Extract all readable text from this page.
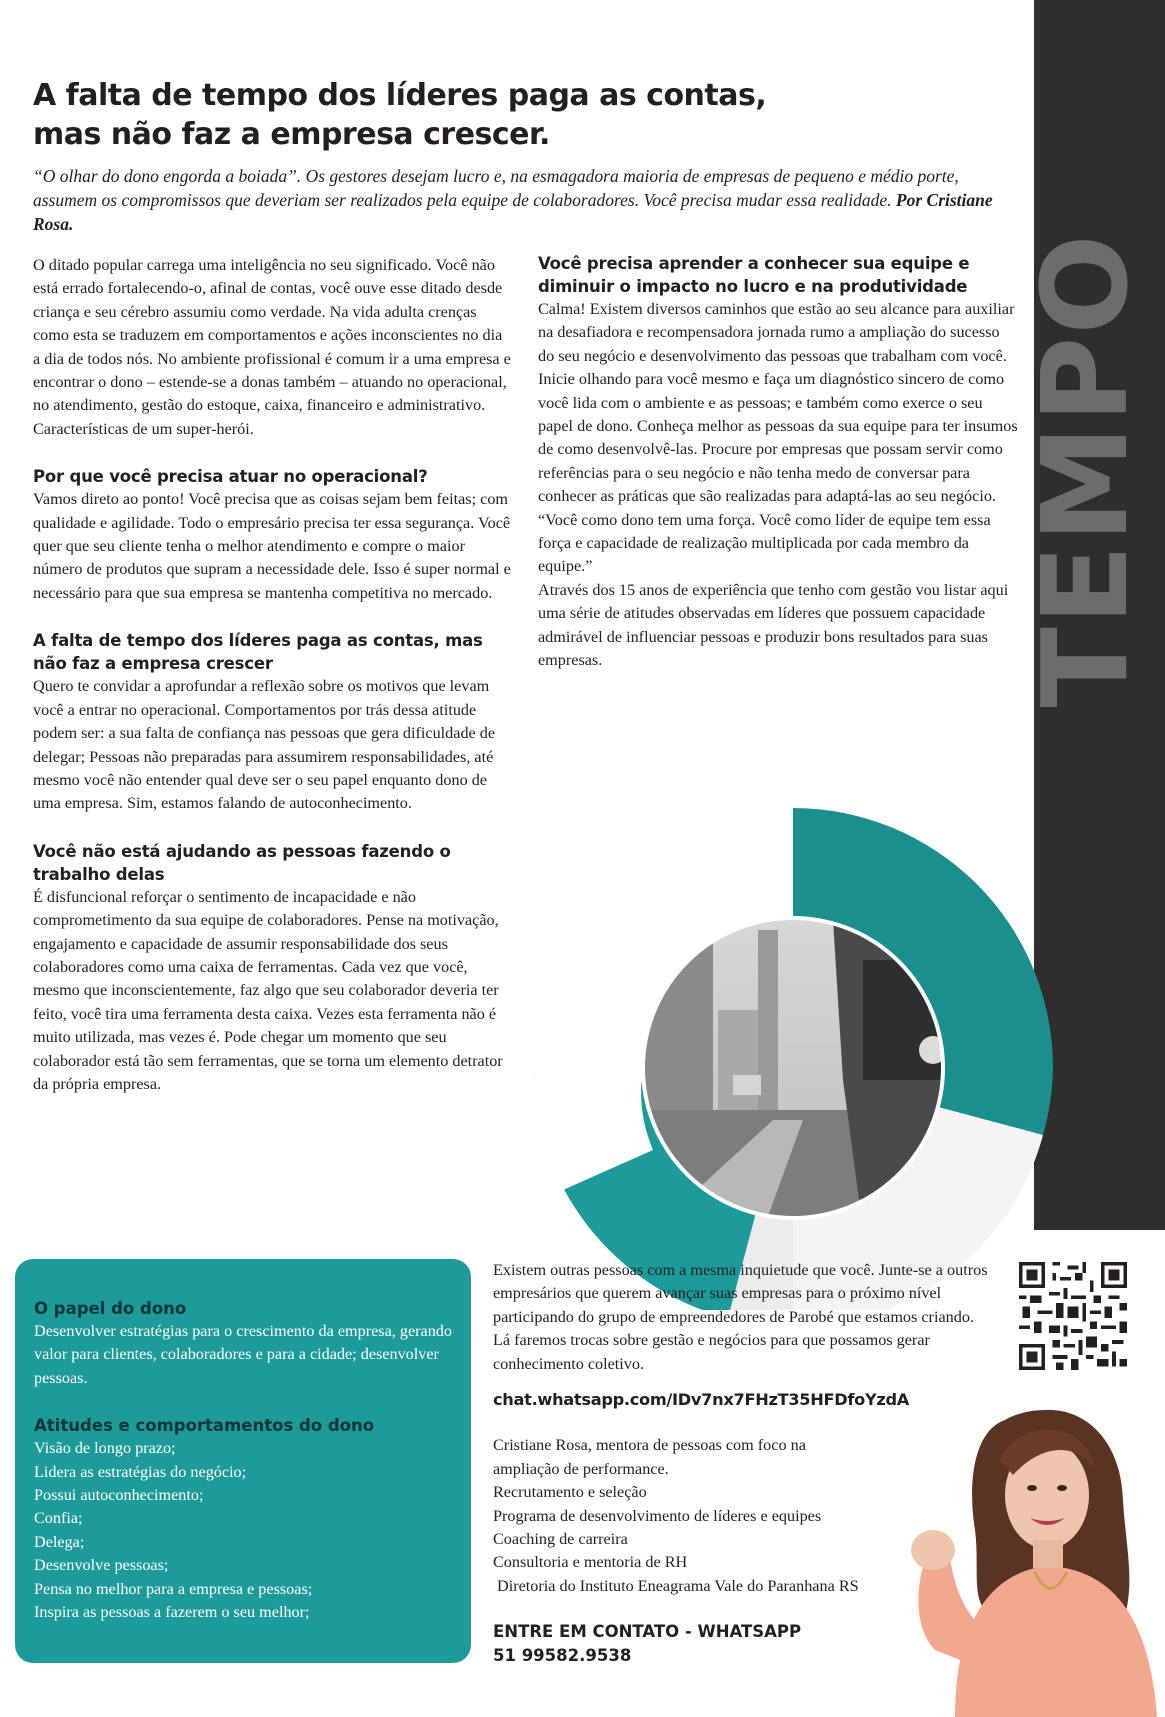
TEMPO
A falta de tempo dos líderes paga as contas,
mas não faz a empresa crescer.

“O olhar do dono engorda a boiada”. Os gestores desejam lucro e, na esmagadora maioria de empresas de pequeno e médio porte, assumem os compromissos que deveriam ser realizados pela equipe de colaboradores. Você precisa mudar essa realidade. Por Cristiane Rosa.

O ditado popular carrega uma inteligência no seu significado. Você não está errado fortalecendo-o, afinal de contas, você ouve esse ditado desde criança e seu cérebro assumiu como verdade. Na vida adulta crenças como esta se traduzem em comportamentos e ações inconscientes no dia a dia de todos nós. No ambiente profissional é comum ir a uma empresa e encontrar o dono – estende-se a donas também – atuando no operacional, no atendimento, gestão do estoque, caixa, financeiro e administrativo. Características de um super-herói.

Por que você precisa atuar no operacional?

Vamos direto ao ponto! Você precisa que as coisas sejam bem feitas; com qualidade e agilidade. Todo o empresário precisa ter essa segurança. Você quer que seu cliente tenha o melhor atendimento e compre o maior número de produtos que supram a necessidade dele. Isso é super normal e necessário para que sua empresa se mantenha competitiva no mercado.

A falta de tempo dos líderes paga as contas, mas não faz a empresa crescer

Quero te convidar a aprofundar a reflexão sobre os motivos que levam você a entrar no operacional. Comportamentos por trás dessa atitude podem ser: a sua falta de confiança nas pessoas que gera dificuldade de delegar; Pessoas não preparadas para assumirem responsabilidades, até mesmo você não entender qual deve ser o seu papel enquanto dono de uma empresa. Sim, estamos falando de autoconhecimento.

Você não está ajudando as pessoas fazendo o trabalho delas

É disfuncional reforçar o sentimento de incapacidade e não comprometimento da sua equipe de colaboradores. Pense na motivação, engajamento e capacidade de assumir responsabilidade dos seus colaboradores como uma caixa de ferramentas. Cada vez que você, mesmo que inconscientemente, faz algo que seu colaborador deveria ter feito, você tira uma ferramenta desta caixa. Vezes esta ferramenta não é muito utilizada, mas vezes é. Pode chegar um momento que seu colaborador está tão sem ferramentas, que se torna um elemento detrator da própria empresa.

Você precisa aprender a conhecer sua equipe e diminuir o impacto no lucro e na produtividade

Calma! Existem diversos caminhos que estão ao seu alcance para auxiliar na desafiadora e recompensadora jornada rumo a ampliação do sucesso do seu negócio e desenvolvimento das pessoas que trabalham com você. Inicie olhando para você mesmo e faça um diagnóstico sincero de como você lida com o ambiente e as pessoas; e também como exerce o seu papel de dono. Conheça melhor as pessoas da sua equipe para ter insumos de como desenvolvê-las. Procure por empresas que possam servir como referências para o seu negócio e não tenha medo de conversar para conhecer as práticas que são realizadas para adaptá-las ao seu negócio.

“Você como dono tem uma força. Você como líder de equipe tem essa força e capacidade de realização multiplicada por cada membro da equipe.”

Através dos 15 anos de experiência que tenho com gestão vou listar aqui uma série de atitudes observadas em líderes que possuem capacidade admirável de influenciar pessoas e produzir bons resultados para suas empresas.

O papel do dono

Desenvolver estratégias para o crescimento da empresa, gerando valor para clientes, colaboradores e para a cidade; desenvolver pessoas.

Atitudes e comportamentos do dono
Visão de longo prazo;
Lidera as estratégias do negócio;
Possui autoconhecimento;
Confia;
Delega;
Desenvolve pessoas;
Pensa no melhor para a empresa e pessoas;
Inspira as pessoas a fazerem o seu melhor;

Existem outras pessoas com a mesma inquietude que você. Junte-se a outros empresários que querem avançar suas empresas para o próximo nível participando do grupo de empreendedores de Parobé que estamos criando. Lá faremos trocas sobre gestão e negócios para que possamos gerar conhecimento coletivo.

chat.whatsapp.com/IDv7nx7FHzT35HFDfoYzdA

Cristiane Rosa, mentora de pessoas com foco na

ampliação de performance.

Recrutamento e seleção

Programa de desenvolvimento de líderes e equipes

Coaching de carreira

Consultoria e mentoria de RH

Diretoria do Instituto Eneagrama Vale do Paranhana RS

ENTRE EM CONTATO - WHATSAPP
51 99582.9538
